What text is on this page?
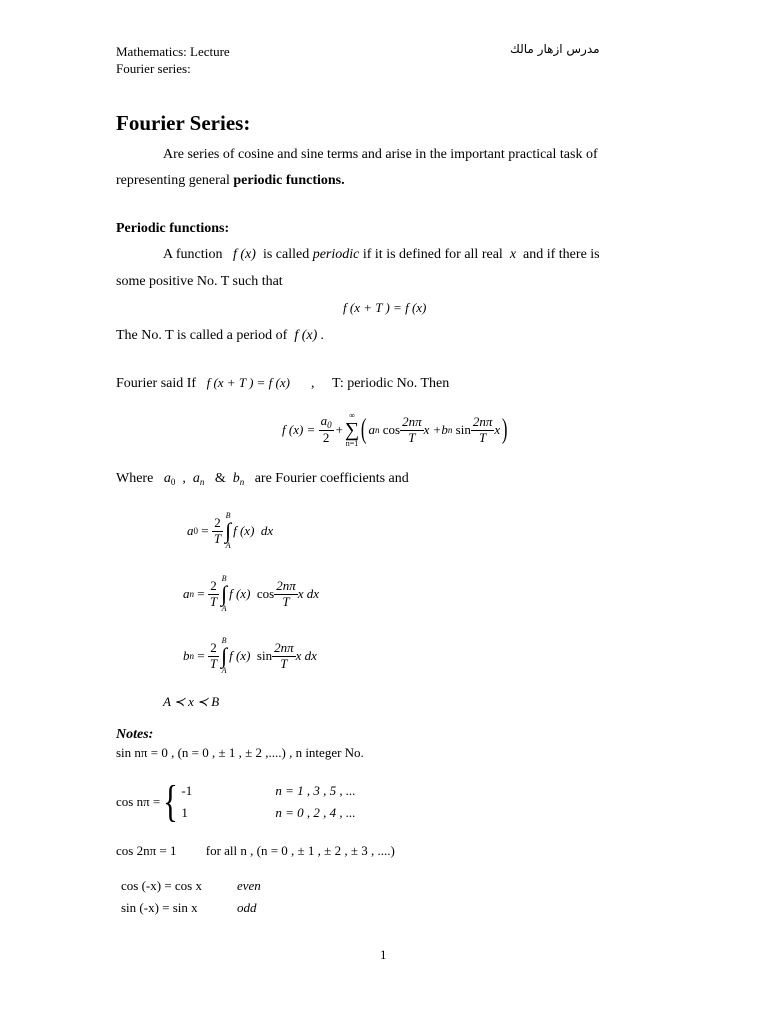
Mathematics: Lecture
Fourier series:
مدرس ازهار مالك
Fourier Series:
Are series of cosine and sine terms and arise in the important practical task of
representing general periodic functions.
Periodic functions:
A function f (x) is called periodic if it is defined for all real x and if there is
some positive No. T such that
f (x + T ) = f (x)
The No. T is called a period of f (x) .
Fourier said If f (x + T ) = f (x) , T: periodic No. Then
f (x) =
$\frac{a_0}{2}$ +
∞
∑
n=1 ( a n
$\cos \frac{2n\pi}{T}$ x + b n
$\sin \frac{2n\pi}{T}$ x )
Where $a_0$ , $a_n$ & $b_n$ are Fourier coefficients and
a 0
=
$\frac{2}{T}$
B
∫
A
f (x)
dx
a n
=
$\frac{2}{T}$
B
∫
A
f (x)
$\cos \frac{2n\pi}{T}$ x dx
b n
=
$\frac{2}{T}$
B
∫
A
f (x)
$\sin \frac{2n\pi}{T}$ x dx
A ≺ x ≺ B
Notes:
sin nπ = 0 , (n = 0 , ± 1 , ± 2 ,....) , n integer No.
cos nπ = { -1	n = 1 , 3 , 5 , ...
1	n = 0 , 2 , 4 , ...
cos 2nπ = 1 for all n , (n = 0 , ± 1 , ± 2 , ± 3 , ....)
cos (-x) = cos x	even
sin (-x) = sin x	odd
1
